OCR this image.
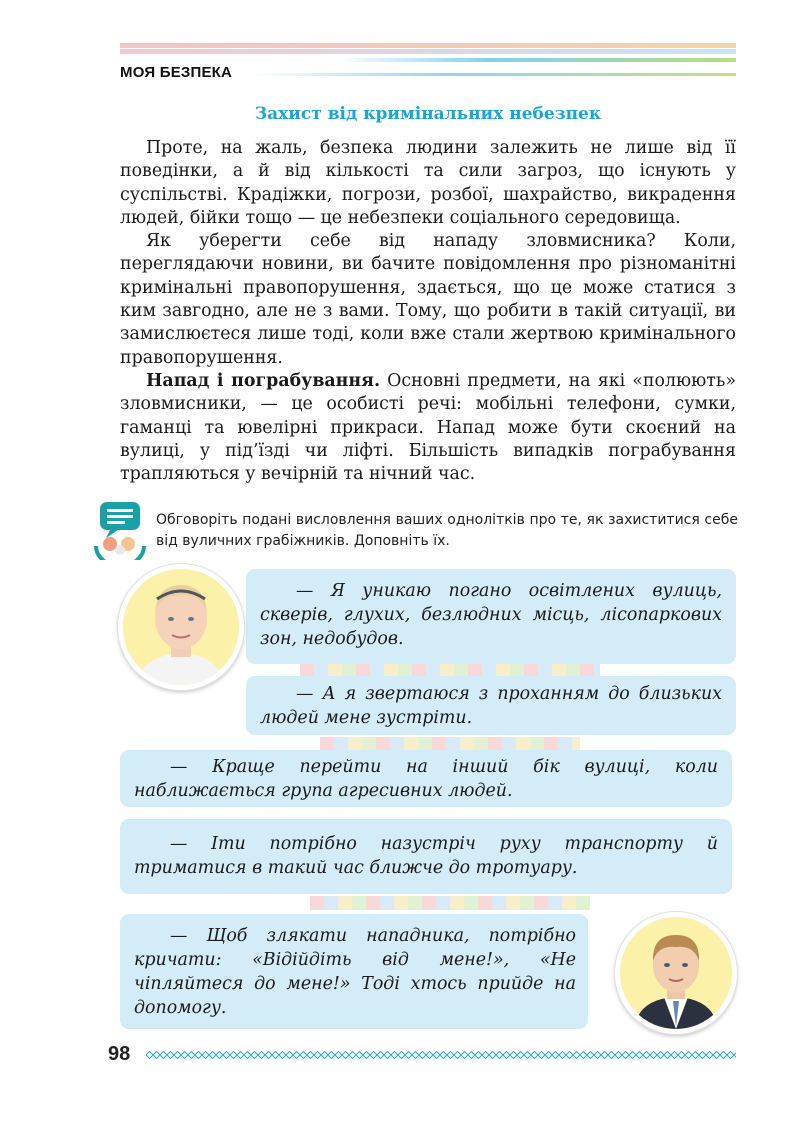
МОЯ БЕЗПЕКА
Захист від кримінальних небезпек

Проте, на жаль, безпека людини залежить не лише від її поведінки, а й від кількості та сили загроз, що існують у суспільстві. Крадіжки, погрози, розбої, шахрайство, викрадення людей, бійки тощо — це небезпеки соціального середовища.

Як уберегти себе від нападу зловмисника? Коли, переглядаючи новини, ви бачите повідомлення про різноманітні кримінальні правопорушення, здається, що це може статися з ким завгодно, але не з вами. Тому, що робити в такій ситуації, ви замислюєтеся лише тоді, коли вже стали жертвою кримінального правопорушення.

Напад і пограбування. Основні предмети, на які «полюють» зловмисники, — це особисті речі: мобільні телефони, сумки, гаманці та ювелірні прикраси. Напад може бути скоєний на вулиці, у під’їзді чи ліфті. Більшість випадків пограбування трапляються у вечірній та нічний час.

Обговоріть подані висловлення ваших однолітків про те, як захиститися себе від вуличних грабіжників. Доповніть їх.

— Я уникаю погано освітлених вулиць, скверів, глухих, безлюдних місць, лісопаркових зон, недобудов.

— А я звертаюся з проханням до близьких людей мене зустріти.

— Краще перейти на інший бік вулиці, коли наближається група агресивних людей.

— Іти потрібно назустріч руху транспорту й триматися в такий час ближче до тротуару.

— Щоб злякати нападника, потрібно кричати: «Відійдіть від мене!», «Не чіпляйтеся до мене!» Тоді хтось прийде на допомогу.

98
